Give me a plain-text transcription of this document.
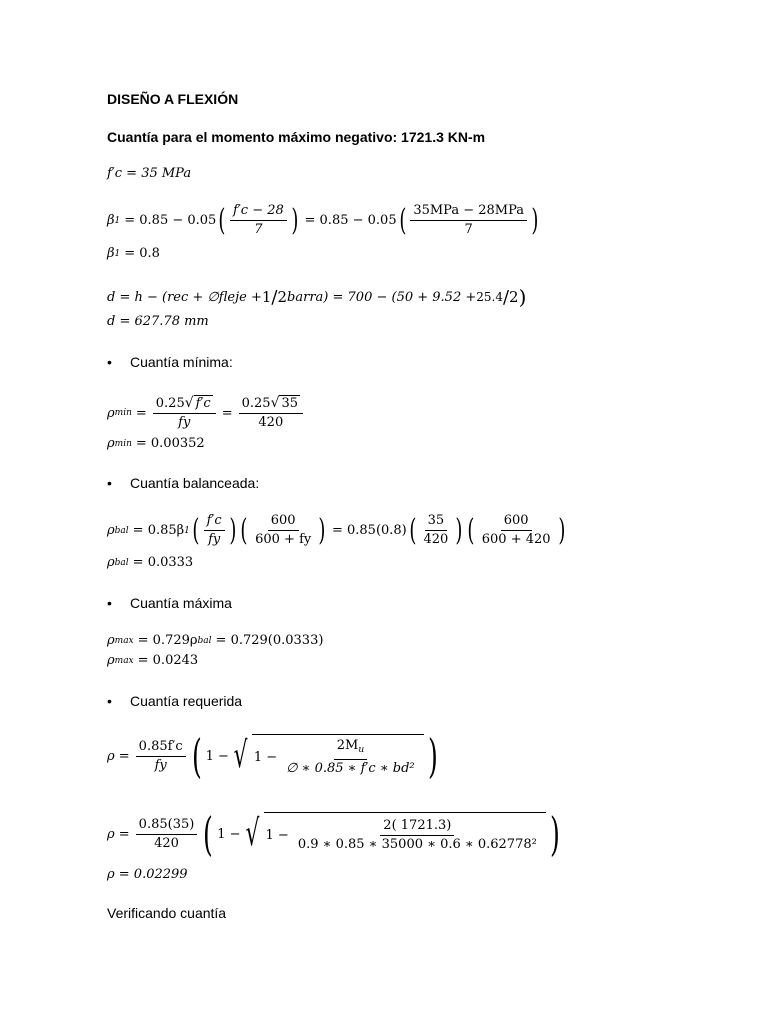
DISEÑO A FLEXIÓN
Cuantía para el momento máximo negativo: 1721.3 KN-m
f′c = 35 MPa
β 1 = 0.85 − 0.05 ( $\frac{f'c - 28}{7}$ ) = 0.85 − 0.05 ( $\frac{\text{35MPa − 28MPa}}{7}$ )
β 1 = 0.8
d = h − (rec + ∅fleje + 1 / 2 barra) = 700 − (50 + 9.52 + 25.4 / 2 )
d = 627.78 mm
•	Cuantía mínima:
ρ $\min = \frac{0.25 √ f'c}{fy} = \frac{0.25 √ 35}{420}$
ρ min = 0.00352
•	Cuantía balanceada:
ρ bal = 0.85β 1 ( $\frac{f'c}{fy}$ ) ( $\frac{600}{600 + fy}$ ) = 0.85(0.8) ( $\frac{35}{420}$ ) ( $\frac{600}{600 + 420}$ )
ρ bal = 0.0333
•	Cuantía máxima
ρ max = 0.729ρ bal = 0.729(0.0333)
ρ max = 0.0243
•	Cuantía requerida
$\rho = \frac{0.85f'c}{fy}$ ( 1 − √ $1 - \frac{2M_u}{\text{∅ ∗ 0.85 ∗ f′c ∗ bd²}}$ )
$\rho = \frac{0.85(35)}{420}$ ( 1 − √ $1 - \frac{2( 1721.3)}{\text{0.9 ∗ 0.85 ∗ 35000 ∗ 0.6 ∗ 0.62778²}}$ )
ρ = 0.02299
Verificando cuantía
